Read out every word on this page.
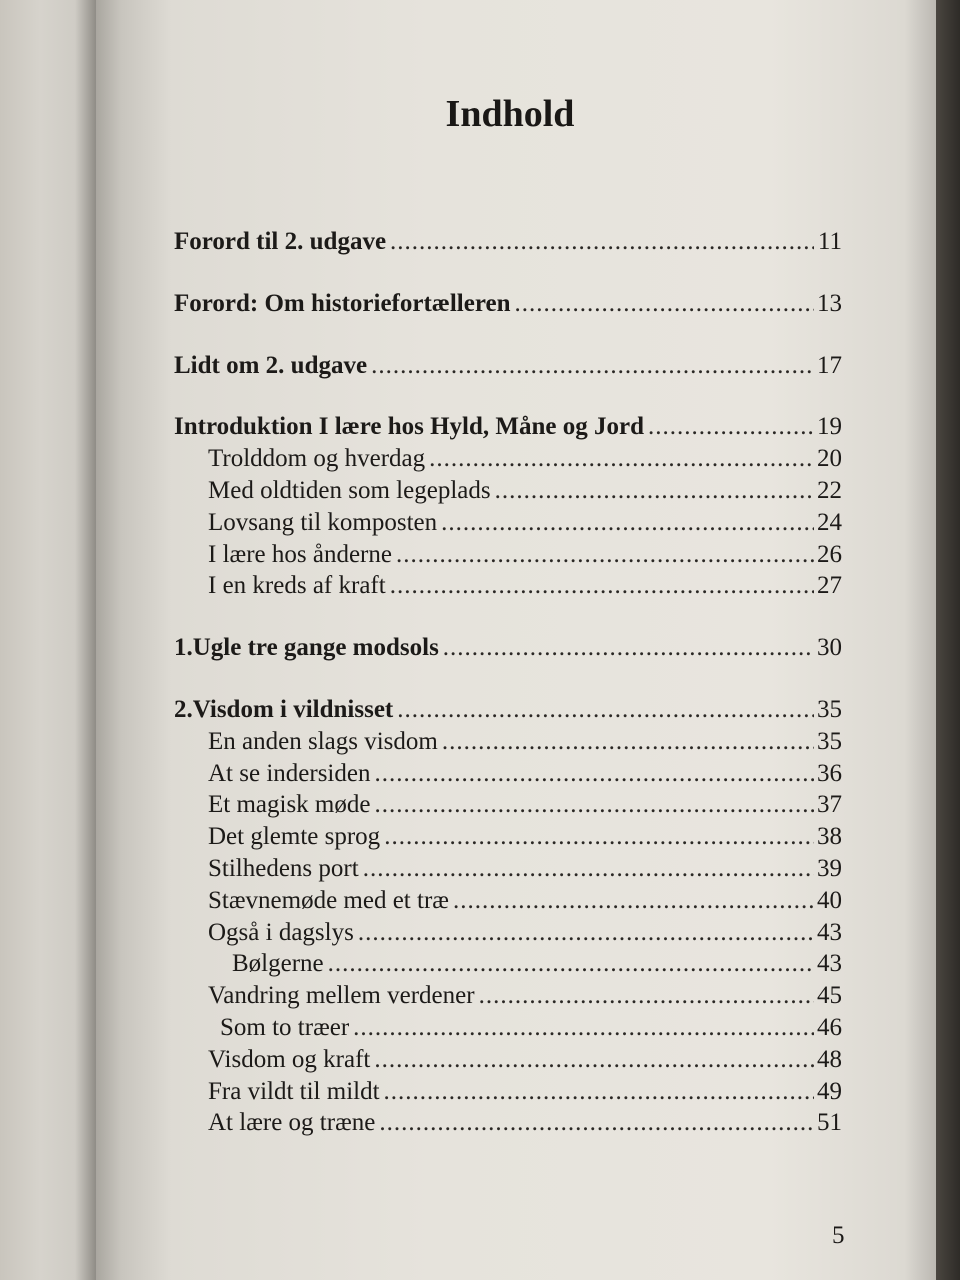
Indhold
Forord til 2. udgave .....	11
Forord: Om historiefortælleren .....	13
Lidt om 2. udgave .....	17
Introduktion I lære hos Hyld, Måne og Jord .....	19
Trolddom og hverdag .....	20
Med oldtiden som legeplads .....	22
Lovsang til komposten .....	24
I lære hos ånderne .....	26
I en kreds af kraft .....	27
1. Ugle tre gange modsols .....	30
2. Visdom i vildnisset .....	35
En anden slags visdom .....	35
At se indersiden .....	36
Et magisk møde .....	37
Det glemte sprog .....	38
Stilhedens port .....	39
Stævnemøde med et træ .....	40
Også i dagslys .....	43
Bølgerne .....	43
Vandring mellem verdener .....	45
Som to træer .....	46
Visdom og kraft .....	48
Fra vildt til mildt .....	49
At lære og træne .....	51
5
